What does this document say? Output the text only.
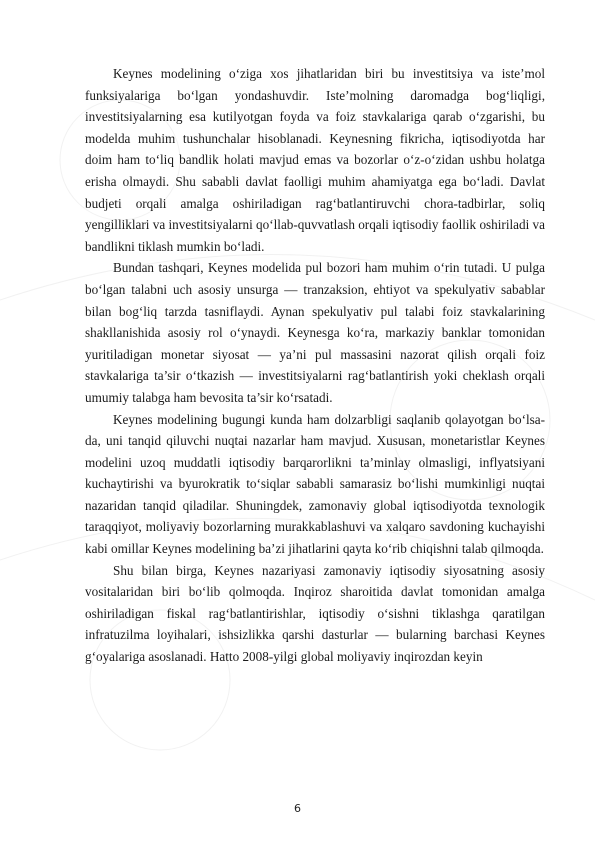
Keynes modelining o‘ziga xos jihatlaridan biri bu investitsiya va iste’mol funksiyalariga bo‘lgan yondashuvdir. Iste’molning daromadga bog‘liqligi, investitsiyalarning esa kutilyotgan foyda va foiz stavkalariga qarab o‘zgarishi, bu modelda muhim tushunchalar hisoblanadi. Keynesning fikricha, iqtisodiyotda har doim ham to‘liq bandlik holati mavjud emas va bozorlar o‘z-o‘zidan ushbu holatga erisha olmaydi. Shu sababli davlat faolligi muhim ahamiyatga ega bo‘ladi. Davlat budjeti orqali amalga oshiriladigan rag‘batlantiruvchi chora-tadbirlar, soliq yengilliklari va investitsiyalarni qo‘llab-quvvatlash orqali iqtisodiy faollik oshiriladi va bandlikni tiklash mumkin bo‘ladi.

Bundan tashqari, Keynes modelida pul bozori ham muhim o‘rin tutadi. U pulga bo‘lgan talabni uch asosiy unsurga — tranzaksion, ehtiyot va spekulyativ sabablar bilan bog‘liq tarzda tasniflaydi. Aynan spekulyativ pul talabi foiz stavkalarining shakllanishida asosiy rol o‘ynaydi. Keynesga ko‘ra, markaziy banklar tomonidan yuritiladigan monetar siyosat — ya’ni pul massasini nazorat qilish orqali foiz stavkalariga ta’sir o‘tkazish — investitsiyalarni rag‘batlantirish yoki cheklash orqali umumiy talabga ham bevosita ta’sir ko‘rsatadi.

Keynes modelining bugungi kunda ham dolzarbligi saqlanib qolayotgan bo‘lsa-da, uni tanqid qiluvchi nuqtai nazarlar ham mavjud. Xususan, monetaristlar Keynes modelini uzoq muddatli iqtisodiy barqarorlikni ta’minlay olmasligi, inflyatsiyani kuchaytirishi va byurokratik to‘siqlar sababli samarasiz bo‘lishi mumkinligi nuqtai nazaridan tanqid qiladilar. Shuningdek, zamonaviy global iqtisodiyotda texnologik taraqqiyot, moliyaviy bozorlarning murakkablashuvi va xalqaro savdoning kuchayishi kabi omillar Keynes modelining ba’zi jihatlarini qayta ko‘rib chiqishni talab qilmoqda.

Shu bilan birga, Keynes nazariyasi zamonaviy iqtisodiy siyosatning asosiy vositalaridan biri bo‘lib qolmoqda. Inqiroz sharoitida davlat tomonidan amalga oshiriladigan fiskal rag‘batlantirishlar, iqtisodiy o‘sishni tiklashga qaratilgan infratuzilma loyihalari, ishsizlikka qarshi dasturlar — bularning barchasi Keynes g‘oyalariga asoslanadi. Hatto 2008-yilgi global moliyaviy inqirozdan keyin

6
